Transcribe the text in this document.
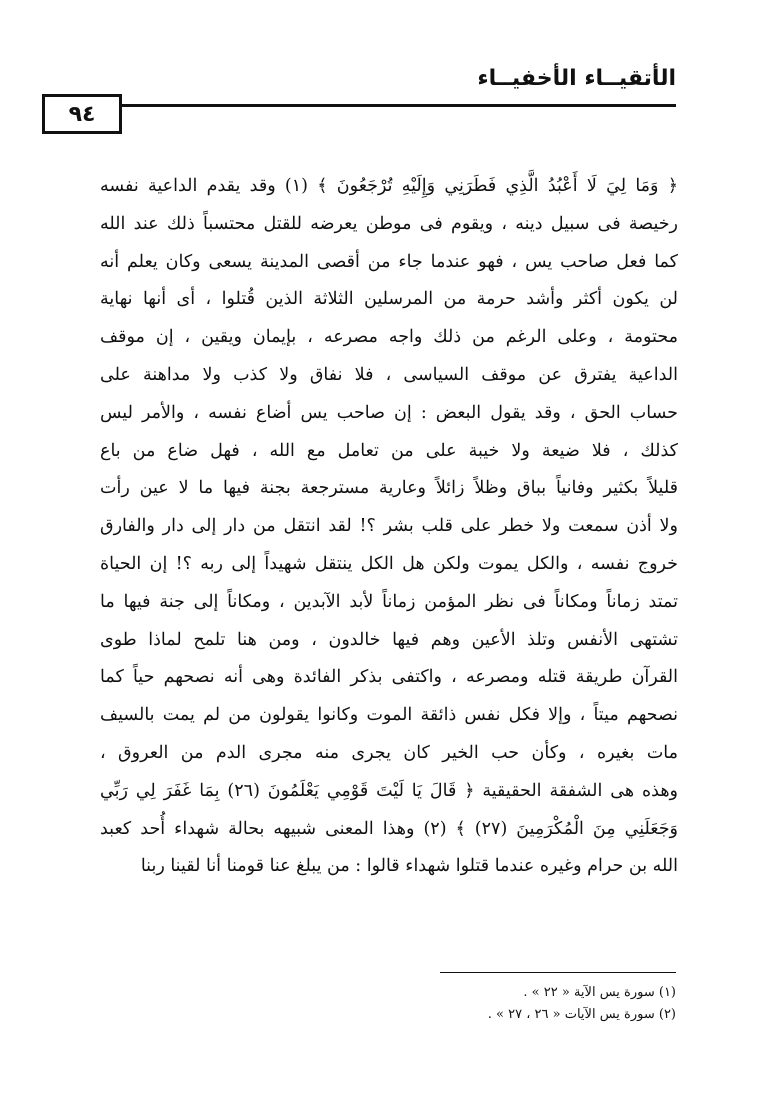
الأتقيــاء الأخفيــاء
٩٤
﴿ وَمَا لِيَ لَا أَعْبُدُ الَّذِي فَطَرَنِي وَإِلَيْهِ تُرْجَعُونَ ﴾ (١) وقد يقدم الداعية نفسه
رخيصة فى سبيل دينه ، ويقوم فى موطن يعرضه للقتل محتسباً ذلك عند الله
كما فعل صاحب يس ، فهو عندما جاء من أقصى المدينة يسعى وكان يعلم أنه
لن يكون أكثر وأشد حرمة من المرسلين الثلاثة الذين قُتلوا ، أى أنها نهاية
محتومة ، وعلى الرغم من ذلك واجه مصرعه ، بإيمان ويقين ، إن موقف
الداعية يفترق عن موقف السياسى ، فلا نفاق ولا كذب ولا مداهنة على
حساب الحق ، وقد يقول البعض : إن صاحب يس أضاع نفسه ، والأمر ليس
كذلك ، فلا ضيعة ولا خيبة على من تعامل مع الله ، فهل ضاع من باع
قليلاً بكثير وفانياً بباق وظلاً زائلاً وعارية مسترجعة بجنة فيها ما لا عين رأت
ولا أذن سمعت ولا خطر على قلب بشر ؟! لقد انتقل من دار إلى دار والفارق
خروج نفسه ، والكل يموت ولكن هل الكل ينتقل شهيداً إلى ربه ؟! إن الحياة
تمتد زماناً ومكاناً فى نظر المؤمن زماناً لأبد الآبدين ، ومكاناً إلى جنة فيها ما
تشتهى الأنفس وتلذ الأعين وهم فيها خالدون ، ومن هنا تلمح لماذا طوى
القرآن طريقة قتله ومصرعه ، واكتفى بذكر الفائدة وهى أنه نصحهم حياً كما
نصحهم ميتاً ، وإلا فكل نفس ذائقة الموت وكانوا يقولون من لم يمت بالسيف
مات بغيره ، وكأن حب الخير كان يجرى منه مجرى الدم من العروق ،
وهذه هى الشفقة الحقيقية ﴿ قَالَ يَا لَيْتَ قَوْمِي يَعْلَمُونَ (٢٦) بِمَا غَفَرَ لِي رَبِّي
وَجَعَلَنِي مِنَ الْمُكْرَمِينَ (٢٧) ﴾ (٢) وهذا المعنى شبيهه بحالة شهداء أُحد كعبد
الله بن حرام وغيره عندما قتلوا شهداء قالوا : من يبلغ عنا قومنا أنا لقينا ربنا
(١) سورة يس الآية « ٢٢ » .
(٢) سورة يس الآيات « ٢٦ ، ٢٧ » .
